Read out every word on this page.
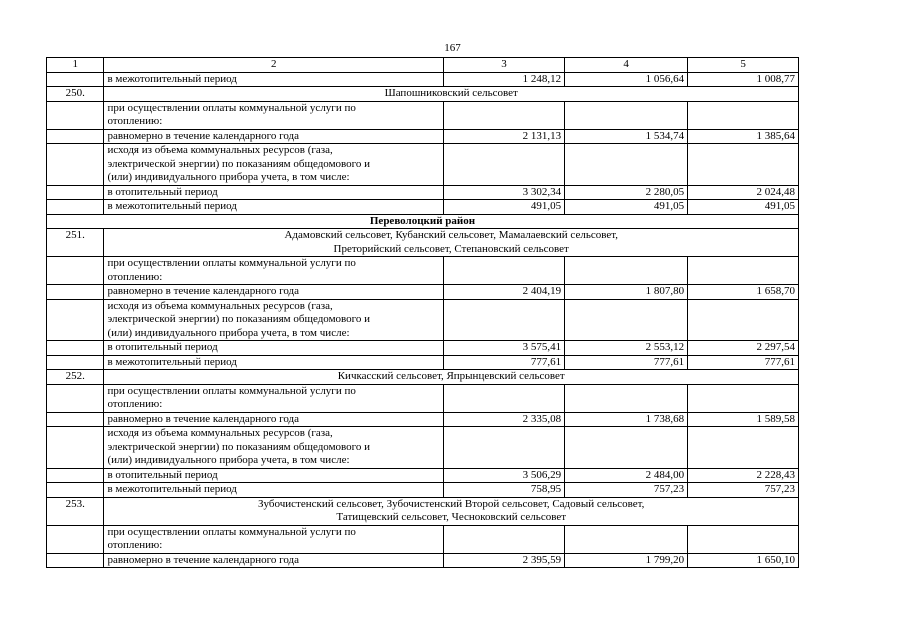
167
1	2	3	4	5
	в межотопительный период	1 248,12	1 056,64	1 008,77
250.	Шапошниковский сельсовет			

	при осуществлении оплаты коммунальной услуги по
отоплению:			

	равномерно в течение календарного года	2 131,13	1 534,74	1 385,64

	исходя из объема коммунальных ресурсов (газа,
электрической энергии) по показаниям общедомового и
(или) индивидуального прибора учета, в том числе:			

	в отопительный период	3 302,34	2 280,05	2 024,48
	в межотопительный период	491,05	491,05	491,05
Переволоцкий район				
251.	Адамовский сельсовет, Кубанский сельсовет, Мамалаевский сельсовет,
Преторийский сельсовет, Степановский сельсовет			

	при осуществлении оплаты коммунальной услуги по
отоплению:			

	равномерно в течение календарного года	2 404,19	1 807,80	1 658,70

	исходя из объема коммунальных ресурсов (газа,
электрической энергии) по показаниям общедомового и
(или) индивидуального прибора учета, в том числе:			

	в отопительный период	3 575,41	2 553,12	2 297,54
	в межотопительный период	777,61	777,61	777,61
252.	Кичкасский сельсовет, Япрынцевский сельсовет			

	при осуществлении оплаты коммунальной услуги по
отоплению:			

	равномерно в течение календарного года	2 335,08	1 738,68	1 589,58

	исходя из объема коммунальных ресурсов (газа,
электрической энергии) по показаниям общедомового и
(или) индивидуального прибора учета, в том числе:			

	в отопительный период	3 506,29	2 484,00	2 228,43
	в межотопительный период	758,95	757,23	757,23
253.	Зубочистенский сельсовет, Зубочистенский Второй сельсовет, Садовый сельсовет,
Татищевский сельсовет, Чесноковский сельсовет			

	при осуществлении оплаты коммунальной услуги по
отоплению:			

	равномерно в течение календарного года	2 395,59	1 799,20	1 650,10
